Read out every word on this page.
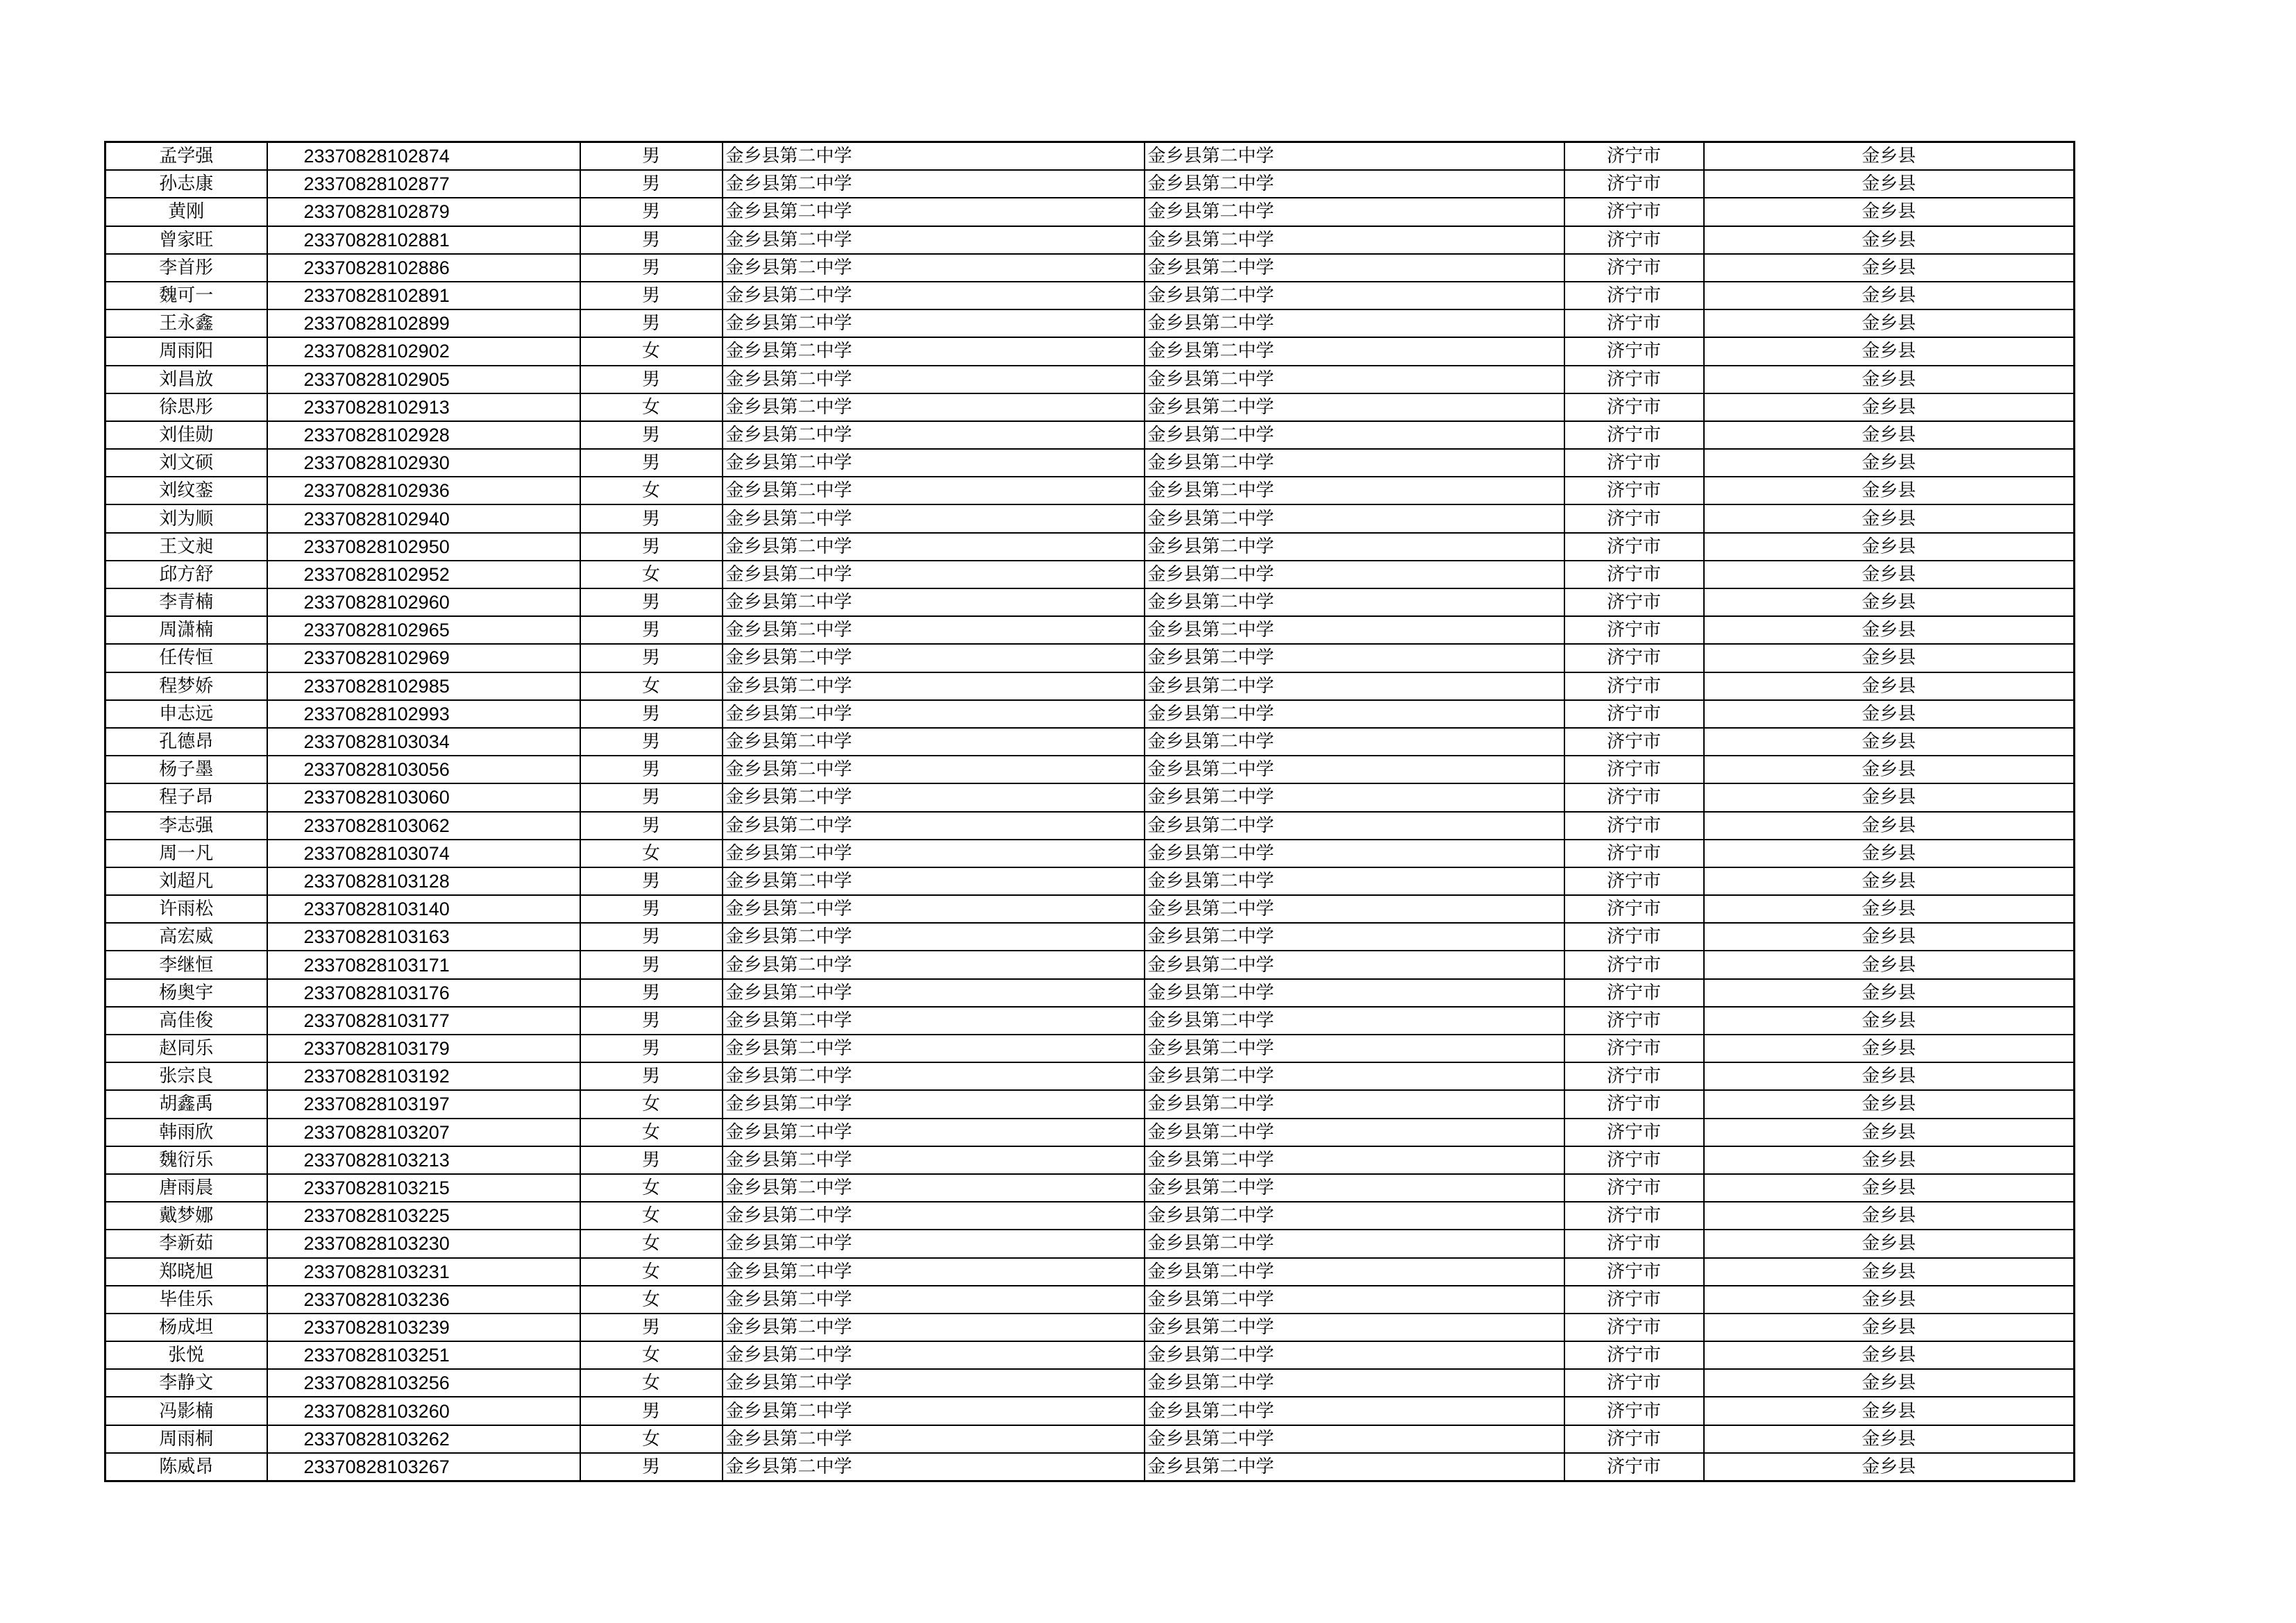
孟学强	23370828102874	男	金乡县第二中学	金乡县第二中学	济宁市	金乡县
孙志康	23370828102877	男	金乡县第二中学	金乡县第二中学	济宁市	金乡县
黄刚	23370828102879	男	金乡县第二中学	金乡县第二中学	济宁市	金乡县
曾家旺	23370828102881	男	金乡县第二中学	金乡县第二中学	济宁市	金乡县
李首彤	23370828102886	男	金乡县第二中学	金乡县第二中学	济宁市	金乡县
魏可一	23370828102891	男	金乡县第二中学	金乡县第二中学	济宁市	金乡县
王永鑫	23370828102899	男	金乡县第二中学	金乡县第二中学	济宁市	金乡县
周雨阳	23370828102902	女	金乡县第二中学	金乡县第二中学	济宁市	金乡县
刘昌放	23370828102905	男	金乡县第二中学	金乡县第二中学	济宁市	金乡县
徐思彤	23370828102913	女	金乡县第二中学	金乡县第二中学	济宁市	金乡县
刘佳勋	23370828102928	男	金乡县第二中学	金乡县第二中学	济宁市	金乡县
刘文硕	23370828102930	男	金乡县第二中学	金乡县第二中学	济宁市	金乡县
刘纹銮	23370828102936	女	金乡县第二中学	金乡县第二中学	济宁市	金乡县
刘为顺	23370828102940	男	金乡县第二中学	金乡县第二中学	济宁市	金乡县
王文昶	23370828102950	男	金乡县第二中学	金乡县第二中学	济宁市	金乡县
邱方舒	23370828102952	女	金乡县第二中学	金乡县第二中学	济宁市	金乡县
李青楠	23370828102960	男	金乡县第二中学	金乡县第二中学	济宁市	金乡县
周潇楠	23370828102965	男	金乡县第二中学	金乡县第二中学	济宁市	金乡县
任传恒	23370828102969	男	金乡县第二中学	金乡县第二中学	济宁市	金乡县
程梦娇	23370828102985	女	金乡县第二中学	金乡县第二中学	济宁市	金乡县
申志远	23370828102993	男	金乡县第二中学	金乡县第二中学	济宁市	金乡县
孔德昂	23370828103034	男	金乡县第二中学	金乡县第二中学	济宁市	金乡县
杨子墨	23370828103056	男	金乡县第二中学	金乡县第二中学	济宁市	金乡县
程子昂	23370828103060	男	金乡县第二中学	金乡县第二中学	济宁市	金乡县
李志强	23370828103062	男	金乡县第二中学	金乡县第二中学	济宁市	金乡县
周一凡	23370828103074	女	金乡县第二中学	金乡县第二中学	济宁市	金乡县
刘超凡	23370828103128	男	金乡县第二中学	金乡县第二中学	济宁市	金乡县
许雨松	23370828103140	男	金乡县第二中学	金乡县第二中学	济宁市	金乡县
高宏威	23370828103163	男	金乡县第二中学	金乡县第二中学	济宁市	金乡县
李继恒	23370828103171	男	金乡县第二中学	金乡县第二中学	济宁市	金乡县
杨奥宇	23370828103176	男	金乡县第二中学	金乡县第二中学	济宁市	金乡县
高佳俊	23370828103177	男	金乡县第二中学	金乡县第二中学	济宁市	金乡县
赵同乐	23370828103179	男	金乡县第二中学	金乡县第二中学	济宁市	金乡县
张宗良	23370828103192	男	金乡县第二中学	金乡县第二中学	济宁市	金乡县
胡鑫禹	23370828103197	女	金乡县第二中学	金乡县第二中学	济宁市	金乡县
韩雨欣	23370828103207	女	金乡县第二中学	金乡县第二中学	济宁市	金乡县
魏衍乐	23370828103213	男	金乡县第二中学	金乡县第二中学	济宁市	金乡县
唐雨晨	23370828103215	女	金乡县第二中学	金乡县第二中学	济宁市	金乡县
戴梦娜	23370828103225	女	金乡县第二中学	金乡县第二中学	济宁市	金乡县
李新茹	23370828103230	女	金乡县第二中学	金乡县第二中学	济宁市	金乡县
郑晓旭	23370828103231	女	金乡县第二中学	金乡县第二中学	济宁市	金乡县
毕佳乐	23370828103236	女	金乡县第二中学	金乡县第二中学	济宁市	金乡县
杨成坦	23370828103239	男	金乡县第二中学	金乡县第二中学	济宁市	金乡县
张悦	23370828103251	女	金乡县第二中学	金乡县第二中学	济宁市	金乡县
李静文	23370828103256	女	金乡县第二中学	金乡县第二中学	济宁市	金乡县
冯影楠	23370828103260	男	金乡县第二中学	金乡县第二中学	济宁市	金乡县
周雨桐	23370828103262	女	金乡县第二中学	金乡县第二中学	济宁市	金乡县
陈威昂	23370828103267	男	金乡县第二中学	金乡县第二中学	济宁市	金乡县
